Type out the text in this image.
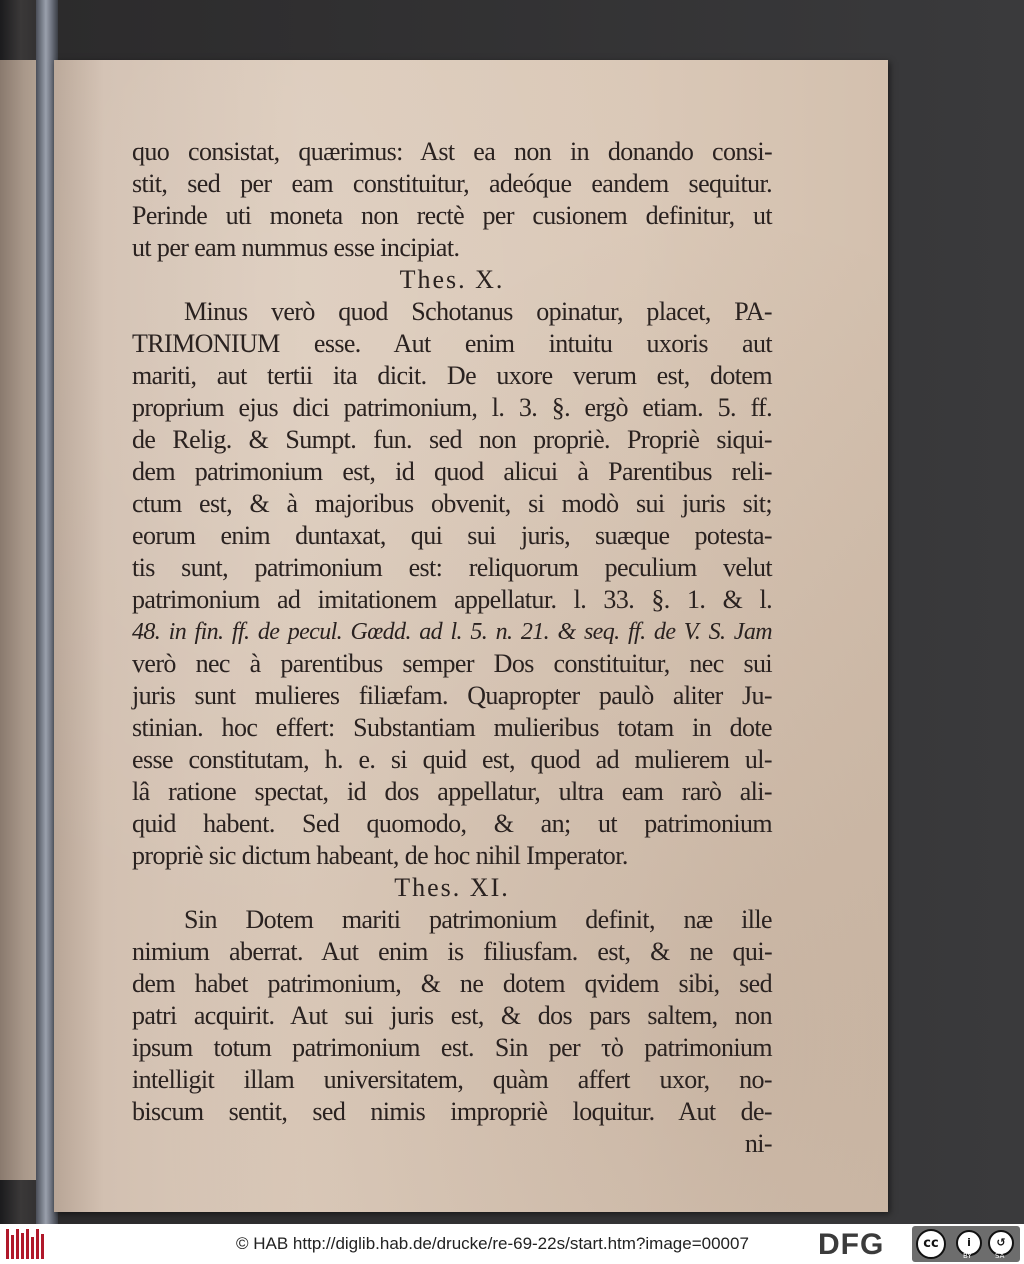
quo consistat, quærimus: Ast ea non in donando consi-
stit, sed per eam constituitur, adeóque eandem sequitur.
Perinde uti moneta non rectè per cusionem definitur, ut
ut per eam nummus esse incipiat.
Thes. X.
Minus verò quod Schotanus opinatur, placet, PA-
TRIMONIUM esse. Aut enim intuitu uxoris aut
mariti, aut tertii ita dicit. De uxore verum est, dotem
proprium ejus dici patrimonium, l. 3. §. ergò etiam. 5. ff.
de Relig. & Sumpt. fun. sed non propriè. Propriè siqui-
dem patrimonium est, id quod alicui à Parentibus reli-
ctum est, & à majoribus obvenit, si modò sui juris sit;
eorum enim duntaxat, qui sui juris, suæque potesta-
tis sunt, patrimonium est: reliquorum peculium velut
patrimonium ad imitationem appellatur. l. 33. §. 1. & l.
48. in fin. ff. de pecul. Gœdd. ad l. 5. n. 21. & seq. ff. de V. S. Jam
verò nec à parentibus semper Dos constituitur, nec sui
juris sunt mulieres filiæfam. Quapropter paulò aliter Ju-
stinian. hoc effert: Substantiam mulieribus totam in dote
esse constitutam, h. e. si quid est, quod ad mulierem ul-
lâ ratione spectat, id dos appellatur, ultra eam rarò ali-
quid habent. Sed quomodo, & an; ut patrimonium
propriè sic dictum habeant, de hoc nihil Imperator.
Thes. XI.
Sin Dotem mariti patrimonium definit, næ ille
nimium aberrat. Aut enim is filiusfam. est, & ne qui-
dem habet patrimonium, & ne dotem qvidem sibi, sed
patri acquirit. Aut sui juris est, & dos pars saltem, non
ipsum totum patrimonium est. Sin per τὸ patrimonium
intelligit illam universitatem, quàm affert uxor, no-
biscum sentit, sed nimis impropriè loquitur. Aut de-
ni-
© HAB http://diglib.hab.de/drucke/re-69-22s/start.htm?image=00007 DFG	cc	i
BY
↺
SA
